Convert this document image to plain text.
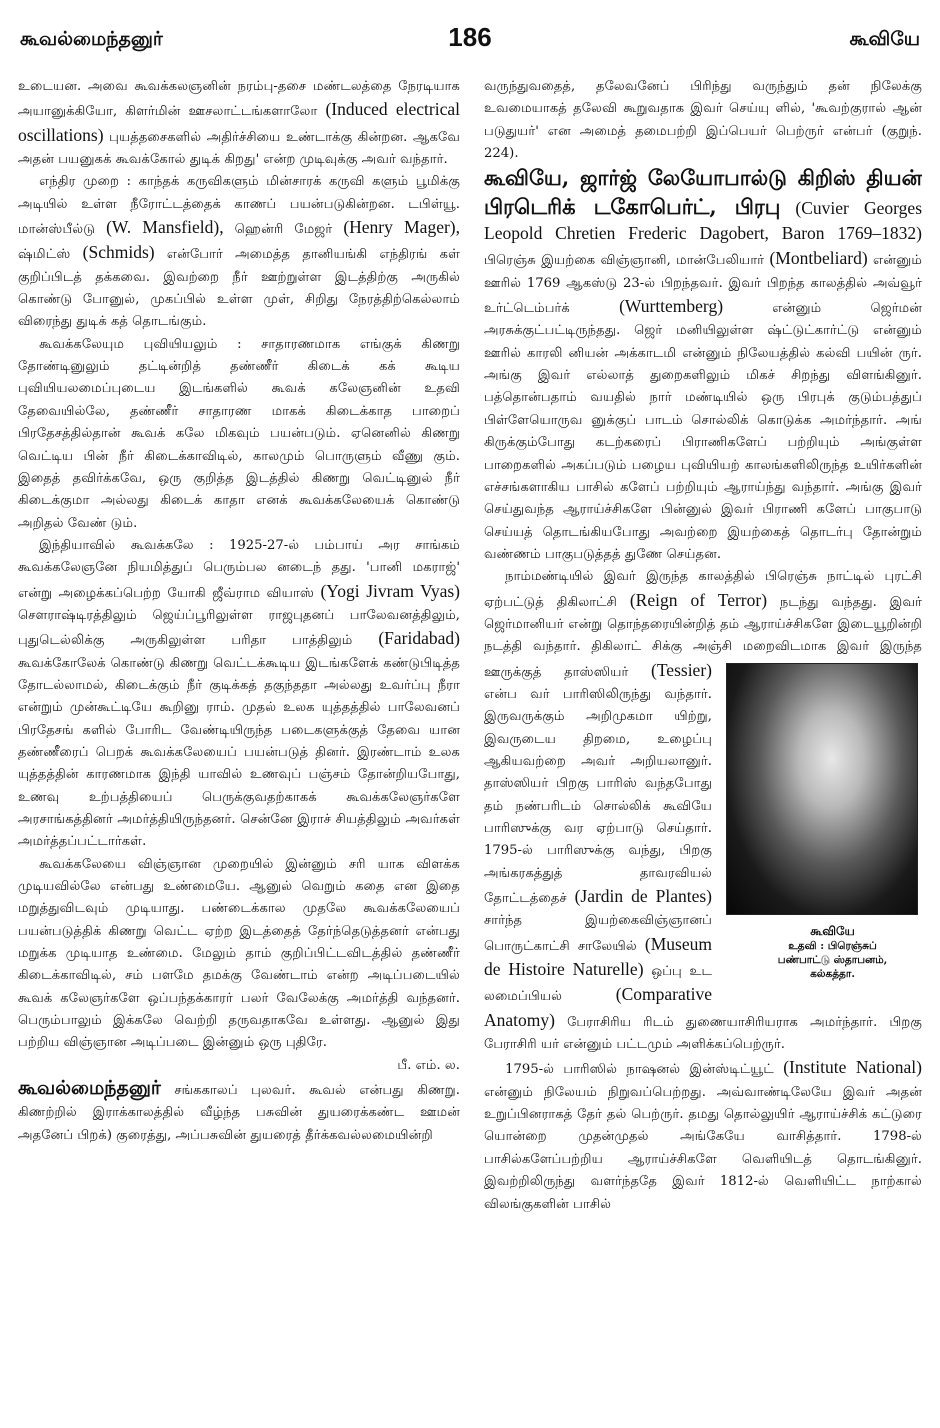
கூவல்மைந்தனுர்	186	கூவியே

உடையன. அவை கூவக்கலஞனின் நரம்பு-தசை மண்டலத்தை நேரடியாக அயானுக்கியோ, கிளர்மின் ஊசலாட்டங்களாலோ (Induced electrical oscillations) புயத்தசைகளில் அதிர்ச்சியை உண்டாக்கு கின்றன. ஆகவே அதன் பயனுகக் கூவக்கோல் துடிக் கிறது' என்ற முடிவுக்கு அவர் வந்தார்.

எந்திர முறை : காந்தக் கருவிகளும் மின்சாரக் கருவி களும் பூமிக்கு அடியில் உள்ள நீரோட்டத்தைக் காணப் பயன்படுகின்றன. டபிள்யூ. மான்ஸ்பீல்டு (W. Mansfield), ஹென்ரி மேஜர் (Henry Mager), ஷ்மிட்ஸ் (Schmids) என்போர் அமைத்த தானியங்கி எந்திரங் கள் குறிப்பிடத் தக்கவை. இவற்றை நீர் ஊற்றுள்ள இடத்திற்கு அருகில் கொண்டு போனுல், முகப்பில் உள்ள முள், சிறிது நேரத்திற்கெல்லாம் விரைந்து துடிக் கத் தொடங்கும்.

கூவக்கலேயும புவியியலும் : சாதாரணமாக எங்குக் கிணறு தோண்டினுலும் தட்டின்றித் தண்ணீர் கிடைக் கக் கூடிய புவியியலமைப்புடைய இடங்களில் கூவக் கலேஞனின் உதவி தேவையில்லே, தண்ணீர் சாதாரண மாகக் கிடைக்காத பாறைப் பிரதேசத்தில்தான் கூவக் கலே மிகவும் பயன்படும். ஏனெனில் கிணறு வெட்டிய பின் நீர் கிடைக்காவிடில், காலமும் பொருளும் வீணு கும். இதைத் தவிர்க்கவே, ஒரு குறித்த இடத்தில் கிணறு வெட்டினுல் நீர் கிடைக்குமா அல்லது கிடைக் காதா எனக் கூவக்கலேயைக் கொண்டு அறிதல் வேண் டும்.

இந்தியாவில் கூவக்கலே : 1925-27-ல் பம்பாய் அர சாங்கம் கூவக்கலேஞனே நியமித்துப் பெரும்பல னடைந் தது. 'பானி மகராஜ்' என்று அழைக்கப்பெற்ற யோகி ஜீவ்ராம வியாஸ் (Yogi Jivram Vyas) சௌராஷ்டிரத்திலும் ஜெய்ப்பூரிலுள்ள ராஜபுதனப் பாலேவனத்திலும், புதுடெல்லிக்கு அருகிலுள்ள பரிதா பாத்திலும் (Faridabad) கூவக்கோலேக் கொண்டு கிணறு வெட்டக்கூடிய இடங்களேக் கண்டுபிடித்த தோடல்லாமல், கிடைக்கும் நீர் குடிக்கத் தகுந்ததா அல்லது உவர்ப்பு நீரா என்றும் முன்கூட்டியே கூறினு ராம். முதல் உலக யுத்தத்தில் பாலேவனப் பிரதேசங் களில் போரிட வேண்டியிருந்த படைகளுக்குத் தேவை யான தண்ணீரைப் பெறக் கூவக்கலேயைப் பயன்படுத் தினர். இரண்டாம் உலக யுத்தத்தின் காரணமாக இந்தி யாவில் உணவுப் பஞ்சம் தோன்றியபோது, உணவு உற்பத்தியைப் பெருக்குவதற்காகக் கூவக்கலேஞர்களே அரசாங்கத்தினர் அமர்த்தியிருந்தனர். சென்னே இராச் சியத்திலும் அவர்கள் அமர்த்தப்பட்டார்கள்.

கூவக்கலேயை விஞ்ஞான முறையில் இன்னும் சரி யாக விளக்க முடியவில்லே என்பது உண்மையே. ஆனுல் வெறும் கதை என இதை மறுத்துவிடவும் முடியாது. பண்டைக்கால முதலே கூவக்கலேயைப் பயன்படுத்திக் கிணறு வெட்ட ஏற்ற இடத்தைத் தேர்ந்தெடுத்தனர் என்பது மறுக்க முடியாத உண்மை. மேலும் தாம் குறிப்பிட்டவிடத்தில் தண்ணீர் கிடைக்காவிடில், சம் பளமே தமக்கு வேண்டாம் என்ற அடிப்படையில் கூவக் கலேஞர்களே ஒப்பந்தக்காரர் பலர் வேலேக்கு அமர்த்தி வந்தனர். பெரும்பாலும் இக்கலே வெற்றி தருவதாகவே உள்ளது. ஆனுல் இது பற்றிய விஞ்ஞான அடிப்படை இன்னும் ஒரு புதிரே.
பீ. எம். ல.

கூவல்மைந்தனுர் சங்ககாலப் புலவர். கூவல் என்பது கிணறு. கிணற்றில் இராக்காலத்தில் வீழ்ந்த பசுவின் துயரைக்கண்ட ஊமன் அதனேப் பிறக்) குரைத்து, அப்பசுவின் துயரைத் தீர்க்கவல்லமையின்றி

வருந்துவதைத், தலேவனேப் பிரிந்து வருந்தும் தன் நிலேக்கு உவமையாகத் தலேவி கூறுவதாக இவர் செய்யு ளில், 'கூவற்குரால் ஆன் படுதுயர்' என அமைத் தமைபற்றி இப்பெயர் பெற்ருர் என்பர் (குறுந். 224).

கூவியே, ஜார்ஜ் லேயோபால்டு கிறிஸ் தியன் பிரடெரிக் டகோபெர்ட், பிரபு (Cuvier Georges Leopold Chretien Frederic Dagobert, Baron 1769–1832) பிரெஞ்சு இயற்கை விஞ்ஞானி, மான்பேலியார் (Montbeliard) என்னும் ஊரில் 1769 ஆகஸ்டு 23-ல் பிறந்தவர். இவர் பிறந்த காலத்தில் அவ்வூர் உர்ட்டெம்பர்க்	(Wurttemberg)	என்னும் ஜெர்மன் அரசுக்குட்பட்டிருந்தது. ஜெர் மனியிலுள்ள ஷ்ட்டுட்கார்ட்டு என்னும் ஊரில் காரலி னியன் அக்காடமி என்னும் நிலேயத்தில் கல்வி பயின் ருர். அங்கு இவர் எல்லாத் துறைகளிலும் மிகச் சிறந்து விளங்கினுர். பத்தொன்பதாம் வயதில் நார் மண்டியில் ஒரு பிரபுக் குடும்பத்துப் பிள்ளேயொருவ னுக்குப் பாடம் சொல்லிக் கொடுக்க அமர்ந்தார். அங் கிருக்கும்போது கடற்கரைப் பிராணிகளேப் பற்றியும் அங்குள்ள பாறைகளில் அகப்படும் பழைய புவியியற் காலங்களிலிருந்த உயிர்களின் எச்சங்களாகிய பாசில் களேப் பற்றியும் ஆராய்ந்து வந்தார். அங்கு இவர் செய்துவந்த ஆராய்ச்சிகளே பின்னுல் இவர் பிராணி களேப் பாகுபாடு செய்யத் தொடங்கியபோது அவற்றை இயற்கைத் தொடர்பு தோன்றும் வண்ணம் பாகுபடுத்தத் துணே செய்தன.

நாம்மண்டியில் இவர் இருந்த காலத்தில் பிரெஞ்சு நாட்டில் புரட்சி ஏற்பட்டுத் திகிலாட்சி (Reign of Terror) நடந்து வந்தது. இவர் ஜெர்மானியர் என்று தொந்தரையின்றித் தம் ஆராய்ச்சிகளே இடையூறின்றி நடத்தி வந்தார். திகிலாட் சிக்கு அஞ்சி மறைவிடமாக இவர் இருந்த ஊருக்குத் தாஸ்ஸியர்
கூவியே
உதவி : பிரெஞ்சுப்
பண்பாட்டு ஸ்தாபனம்,
கல்கத்தா.
(Tessier) என்ப வர் பாரிஸிலிருந்து வந்தார். இருவருக்கும் அறிமுகமா யிற்று, இவருடைய திறமை, உழைப்பு ஆகியவற்றை அவர் அறியலானுர். தாஸ்ஸியர் பிறகு பாரிஸ் வந்தபோது தம் நண்பரிடம் சொல்லிக் கூவியே பாரிஸுக்கு வர ஏற்பாடு செய்தார். 1795-ல் பாரிஸுக்கு வந்து, பிறகு அங்கரகத்துத் தாவரவியல் தோட்டத்தைச் (Jardin de Plantes) சார்ந்த இயற்கைவிஞ்ஞானப் பொருட்காட்சி சாலேயில் (Museum de Histoire Naturelle) ஒப்பு உட லமைப்பியல்	(Comparative Anatomy) பேராசிரிய ரிடம் துணையாசிரியராக அமர்ந்தார். பிறகு பேராசிரி யர் என்னும் பட்டமும் அளிக்கப்பெற்ருர்.

1795-ல் பாரிஸில் நாஷனல் இன்ஸ்டிட்யூட் (Institute National) என்னும் நிலேயம் நிறுவப்பெற்றது. அவ்வாண்டிலேயே இவர் அதன் உறுப்பினராகத் தேர் தல் பெற்ருர். தமது தொல்லுயிர் ஆராய்ச்சிக் கட்டுரை யொன்றை முதன்முதல் அங்கேயே வாசித்தார். 1798-ல் பாசில்களேப்பற்றிய ஆராய்ச்சிகளே வெளியிடத் தொடங்கினுர். இவற்றிலிருந்து வளர்ந்ததே இவர் 1812-ல் வெளியிட்ட நாற்கால் விலங்குகளின் பாசில்
